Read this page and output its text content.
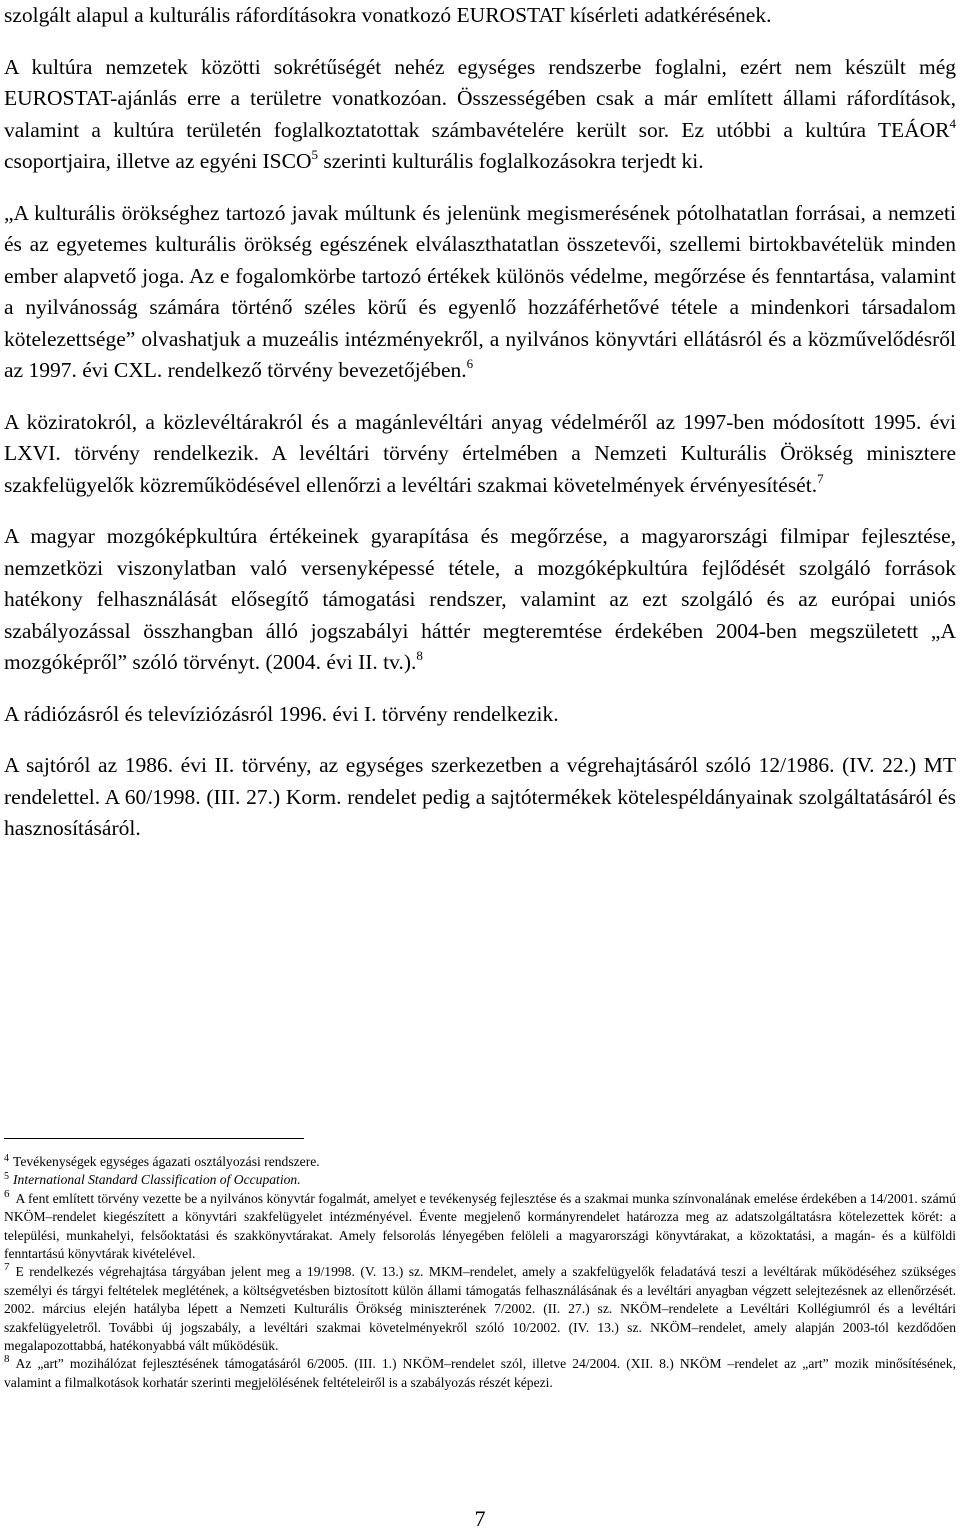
szolgált alapul a kulturális ráfordításokra vonatkozó EUROSTAT kísérleti adatkérésének.

A kultúra nemzetek közötti sokrétűségét nehéz egységes rendszerbe foglalni, ezért nem készült még EUROSTAT-ajánlás erre a területre vonatkozóan. Összességében csak a már említett állami ráfordítások, valamint a kultúra területén foglalkoztatottak számbavételére került sor. Ez utóbbi a kultúra TEÁOR$^4$ csoportjaira, illetve az egyéni ISCO$^5$ szerinti kulturális foglalkozásokra terjedt ki.

„A kulturális örökséghez tartozó javak múltunk és jelenünk megismerésének pótolhatatlan forrásai, a nemzeti és az egyetemes kulturális örökség egészének elválaszthatatlan összetevői, szellemi birtokbavételük minden ember alapvető joga. Az e fogalomkörbe tartozó értékek különös védelme, megőrzése és fenntartása, valamint a nyilvánosság számára történő széles körű és egyenlő hozzáférhetővé tétele a mindenkori társadalom kötelezettsége” olvashatjuk a muzeális intézményekről, a nyilvános könyvtári ellátásról és a közművelődésről az 1997. évi CXL. rendelkező törvény bevezetőjében.$^6$

A köziratokról, a közlevéltárakról és a magánlevéltári anyag védelméről az 1997-ben módosított 1995. évi LXVI. törvény rendelkezik. A levéltári törvény értelmében a Nemzeti Kulturális Örökség minisztere szakfelügyelők közreműködésével ellenőrzi a levéltári szakmai követelmények érvényesítését.$^7$

A magyar mozgóképkultúra értékeinek gyarapítása és megőrzése, a magyarországi filmipar fejlesztése, nemzetközi viszonylatban való versenyképessé tétele, a mozgóképkultúra fejlődését szolgáló források hatékony felhasználását elősegítő támogatási rendszer, valamint az ezt szolgáló és az európai uniós szabályozással összhangban álló jogszabályi háttér megteremtése érdekében 2004-ben megszületett „A mozgóképről” szóló törvényt. (2004. évi II. tv.).$^8$

A rádiózásról és televíziózásról 1996. évi I. törvény rendelkezik.

A sajtóról az 1986. évi II. törvény, az egységes szerkezetben a végrehajtásáról szóló 12/1986. (IV. 22.) MT rendelettel. A 60/1998. (III. 27.) Korm. rendelet pedig a sajtótermékek kötelespéldányainak szolgáltatásáról és hasznosításáról.

$^4$ Tevékenységek egységes ágazati osztályozási rendszere.

$^5$ International Standard Classification of Occupation.

$^6$ A fent említett törvény vezette be a nyilvános könyvtár fogalmát, amelyet e tevékenység fejlesztése és a szakmai munka színvonalának emelése érdekében a 14/2001. számú NKÖM–rendelet kiegészített a könyvtári szakfelügyelet intézményével. Évente megjelenő kormányrendelet határozza meg az adatszolgáltatásra kötelezettek körét: a települési, munkahelyi, felsőoktatási és szakkönyvtárakat. Amely felsorolás lényegében felöleli a magyarországi könyvtárakat, a közoktatási, a magán- és a külföldi fenntartású könyvtárak kivételével.

$^7$ E rendelkezés végrehajtása tárgyában jelent meg a 19/1998. (V. 13.) sz. MKM–rendelet, amely a szakfelügyelők feladatává teszi a levéltárak működéséhez szükséges személyi és tárgyi feltételek meglétének, a költségvetésben biztosított külön állami támogatás felhasználásának és a levéltári anyagban végzett selejtezésnek az ellenőrzését. 2002. március elején hatályba lépett a Nemzeti Kulturális Örökség miniszterének 7/2002. (II. 27.) sz. NKÖM–rendelete a Levéltári Kollégiumról és a levéltári szakfelügyeletről. További új jogszabály, a levéltári szakmai követelményekről szóló 10/2002. (IV. 13.) sz. NKÖM–rendelet, amely alapján 2003-tól kezdődően megalapozottabbá, hatékonyabbá vált működésük.

$^8$ Az „art” mozihálózat fejlesztésének támogatásáról 6/2005. (III. 1.) NKÖM–rendelet szól, illetve 24/2004. (XII. 8.) NKÖM –rendelet az „art” mozik minősítésének, valamint a filmalkotások korhatár szerinti megjelölésének feltételeiről is a szabályozás részét képezi.

7
